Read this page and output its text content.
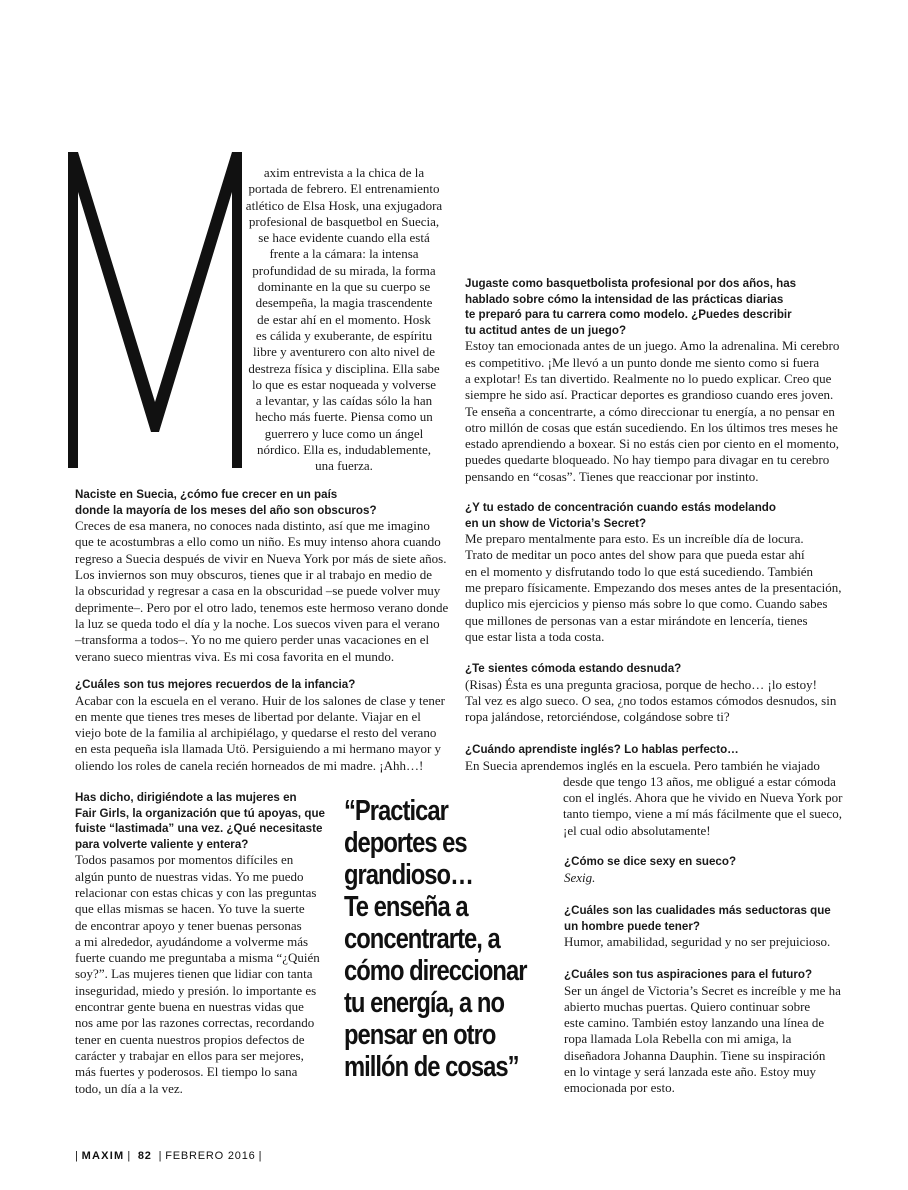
axim entrevista a la chica de la

portada de febrero. El entrenamiento

atlético de Elsa Hosk, una exjugadora

profesional de basquetbol en Suecia,

se hace evidente cuando ella está

frente a la cámara: la intensa

profundidad de su mirada, la forma

dominante en la que su cuerpo se

desempeña, la magia trascendente

de estar ahí en el momento. Hosk

es cálida y exuberante, de espíritu

libre y aventurero con alto nivel de

destreza física y disciplina. Ella sabe

lo que es estar noqueada y volverse

a levantar, y las caídas sólo la han

hecho más fuerte. Piensa como un

guerrero y luce como un ángel

nórdico. Ella es, indudablemente,

una fuerza.

Naciste en Suecia, ¿cómo fue crecer en un país

donde la mayoría de los meses del año son obscuros?

Creces de esa manera, no conoces nada distinto, así que me imagino

que te acostumbras a ello como un niño. Es muy intenso ahora cuando

regreso a Suecia después de vivir en Nueva York por más de siete años.

Los inviernos son muy obscuros, tienes que ir al trabajo en medio de

la obscuridad y regresar a casa en la obscuridad –se puede volver muy

deprimente–. Pero por el otro lado, tenemos este hermoso verano donde

la luz se queda todo el día y la noche. Los suecos viven para el verano

–transforma a todos–. Yo no me quiero perder unas vacaciones en el

verano sueco mientras viva. Es mi cosa favorita en el mundo.

¿Cuáles son tus mejores recuerdos de la infancia?

Acabar con la escuela en el verano. Huir de los salones de clase y tener

en mente que tienes tres meses de libertad por delante. Viajar en el

viejo bote de la familia al archipiélago, y quedarse el resto del verano

en esta pequeña isla llamada Utö. Persiguiendo a mi hermano mayor y

oliendo los roles de canela recién horneados de mi madre. ¡Ahh…!

Has dicho, dirigiéndote a las mujeres en

Fair Girls, la organización que tú apoyas, que

fuiste “lastimada” una vez. ¿Qué necesitaste

para volverte valiente y entera?

Todos pasamos por momentos difíciles en

algún punto de nuestras vidas. Yo me puedo

relacionar con estas chicas y con las preguntas

que ellas mismas se hacen. Yo tuve la suerte

de encontrar apoyo y tener buenas personas

a mi alrededor, ayudándome a volverme más

fuerte cuando me preguntaba a misma “¿Quién

soy?”. Las mujeres tienen que lidiar con tanta

inseguridad, miedo y presión. lo importante es

encontrar gente buena en nuestras vidas que

nos ame por las razones correctas, recordando

tener en cuenta nuestros propios defectos de

carácter y trabajar en ellos para ser mejores,

más fuertes y poderosos. El tiempo lo sana

todo, un día a la vez.

“Practicar
deportes es
grandioso…
Te enseña a
concentrarte, a
cómo direccionar
tu energía, a no
pensar en otro
millón de cosas”

Jugaste como basquetbolista profesional por dos años, has

hablado sobre cómo la intensidad de las prácticas diarias

te preparó para tu carrera como modelo. ¿Puedes describir

tu actitud antes de un juego?

Estoy tan emocionada antes de un juego. Amo la adrenalina. Mi cerebro

es competitivo. ¡Me llevó a un punto donde me siento como si fuera

a explotar! Es tan divertido. Realmente no lo puedo explicar. Creo que

siempre he sido así. Practicar deportes es grandioso cuando eres joven.

Te enseña a concentrarte, a cómo direccionar tu energía, a no pensar en

otro millón de cosas que están sucediendo. En los últimos tres meses he

estado aprendiendo a boxear. Si no estás cien por ciento en el momento,

puedes quedarte bloqueado. No hay tiempo para divagar en tu cerebro

pensando en “cosas”. Tienes que reaccionar por instinto.

¿Y tu estado de concentración cuando estás modelando

en un show de Victoria’s Secret?

Me preparo mentalmente para esto. Es un increíble día de locura.

Trato de meditar un poco antes del show para que pueda estar ahí

en el momento y disfrutando todo lo que está sucediendo. También

me preparo físicamente. Empezando dos meses antes de la presentación,

duplico mis ejercicios y pienso más sobre lo que como. Cuando sabes

que millones de personas van a estar mirándote en lencería, tienes

que estar lista a toda costa.

¿Te sientes cómoda estando desnuda?

(Risas) Ésta es una pregunta graciosa, porque de hecho… ¡lo estoy!

Tal vez es algo sueco. O sea, ¿no todos estamos cómodos desnudos, sin

ropa jalándose, retorciéndose, colgándose sobre ti?

¿Cuándo aprendiste inglés? Lo hablas perfecto…

En Suecia aprendemos inglés en la escuela. Pero también he viajado

desde que tengo 13 años, me obligué a estar cómoda

con el inglés. Ahora que he vivido en Nueva York por

tanto tiempo, viene a mí más fácilmente que el sueco,

¡el cual odio absolutamente!

¿Cómo se dice sexy en sueco?

Sexig.

¿Cuáles son las cualidades más seductoras que

un hombre puede tener?

Humor, amabilidad, seguridad y no ser prejuicioso.

¿Cuáles son tus aspiraciones para el futuro?

Ser un ángel de Victoria’s Secret es increíble y me ha

abierto muchas puertas. Quiero continuar sobre

este camino. También estoy lanzando una línea de

ropa llamada Lola Rebella con mi amiga, la

diseñadora Johanna Dauphin. Tiene su inspiración

en lo vintage y será lanzada este año. Estoy muy

emocionada por esto.

| MAXIM | 82 | FEBRERO 2016 |
